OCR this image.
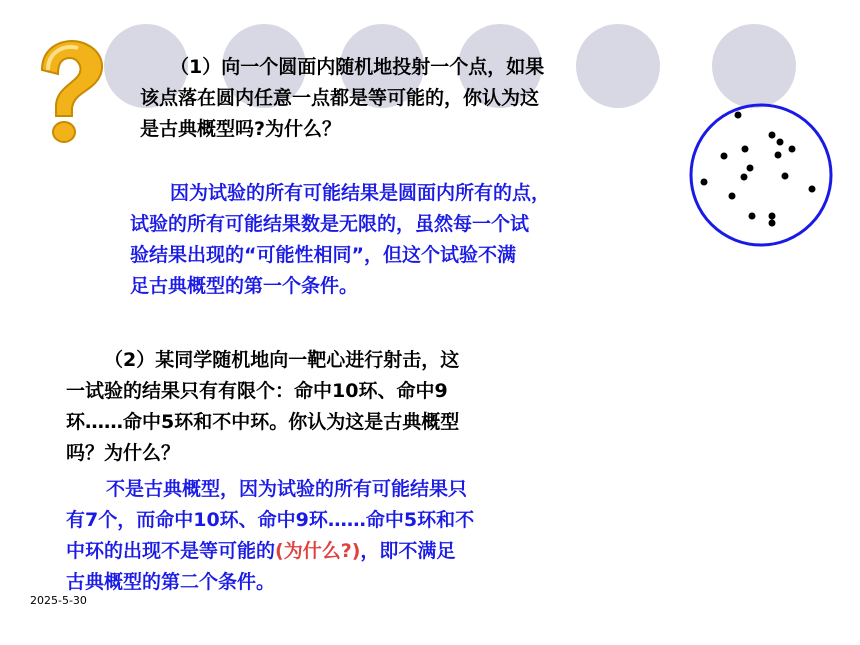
（1）向一个圆面内随机地投射一个点，如果
该点落在圆内任意一点都是等可能的，你认为这
是古典概型吗?为什么？
因为试验的所有可能结果是圆面内所有的点，
试验的所有可能结果数是无限的，虽然每一个试
验结果出现的“可能性相同”，但这个试验不满
足古典概型的第一个条件。
（2）某同学随机地向一靶心进行射击，这
一试验的结果只有有限个：命中10环、命中9
环……命中5环和不中环。你认为这是古典概型
吗？为什么？
不是古典概型，因为试验的所有可能结果只
有7个，而命中10环、命中9环……命中5环和不
中环的出现不是等可能的(为什么?)，即不满足
古典概型的第二个条件。
2025-5-30
